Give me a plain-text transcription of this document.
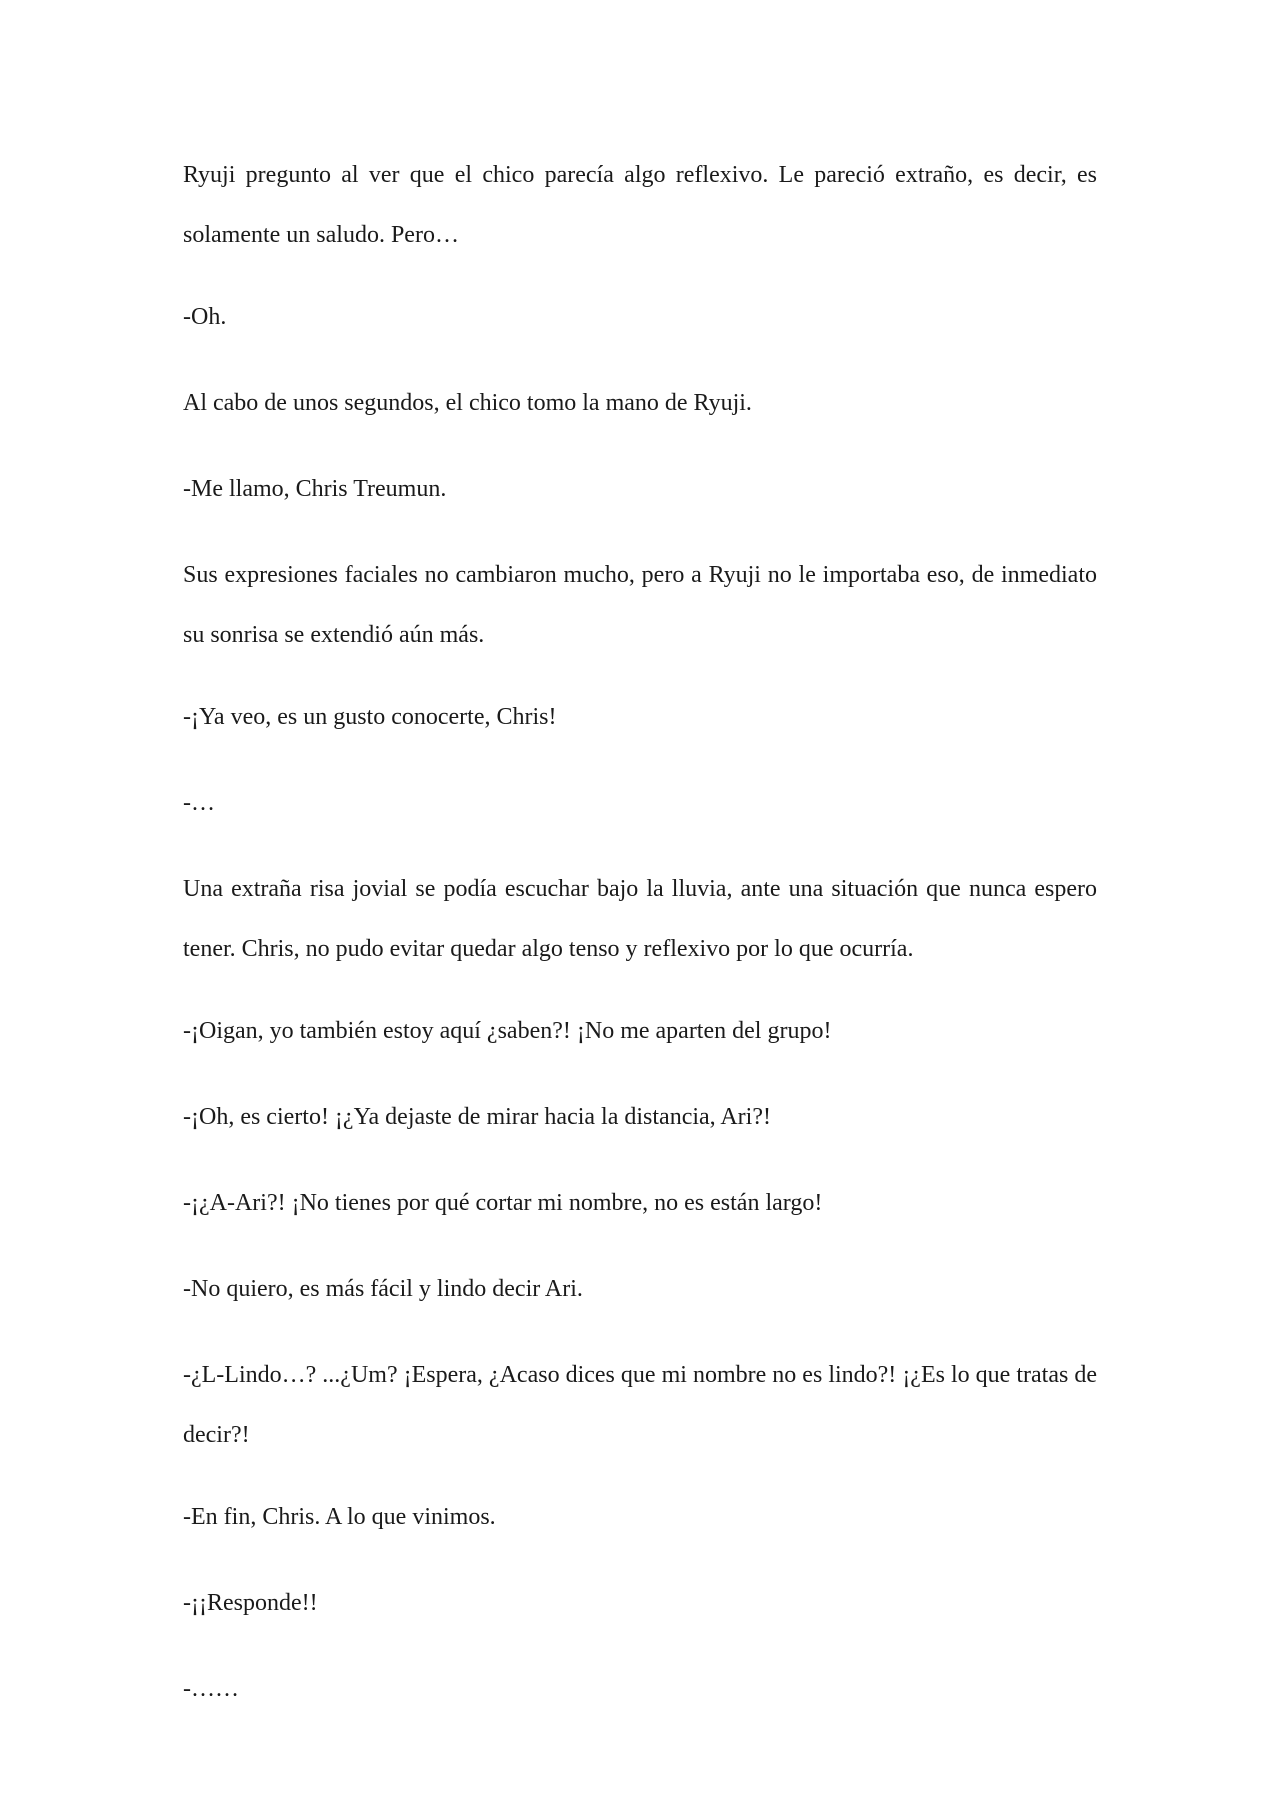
Ryuji pregunto al ver que el chico parecía algo reflexivo. Le pareció extraño, es decir, es solamente un saludo. Pero…

-Oh.

Al cabo de unos segundos, el chico tomo la mano de Ryuji.

-Me llamo, Chris Treumun.

Sus expresiones faciales no cambiaron mucho, pero a Ryuji no le importaba eso, de inmediato su sonrisa se extendió aún más.

-¡Ya veo, es un gusto conocerte, Chris!

-…

Una extraña risa jovial se podía escuchar bajo la lluvia, ante una situación que nunca espero tener. Chris, no pudo evitar quedar algo tenso y reflexivo por lo que ocurría.

-¡Oigan, yo también estoy aquí ¿saben?! ¡No me aparten del grupo!

-¡Oh, es cierto! ¡¿Ya dejaste de mirar hacia la distancia, Ari?!

-¡¿A-Ari?! ¡No tienes por qué cortar mi nombre, no es están largo!

-No quiero, es más fácil y lindo decir Ari.

-¿L-Lindo…? ...¿Um? ¡Espera, ¿Acaso dices que mi nombre no es lindo?! ¡¿Es lo que tratas de decir?!

-En fin, Chris. A lo que vinimos.

-¡¡Responde!!

-……
